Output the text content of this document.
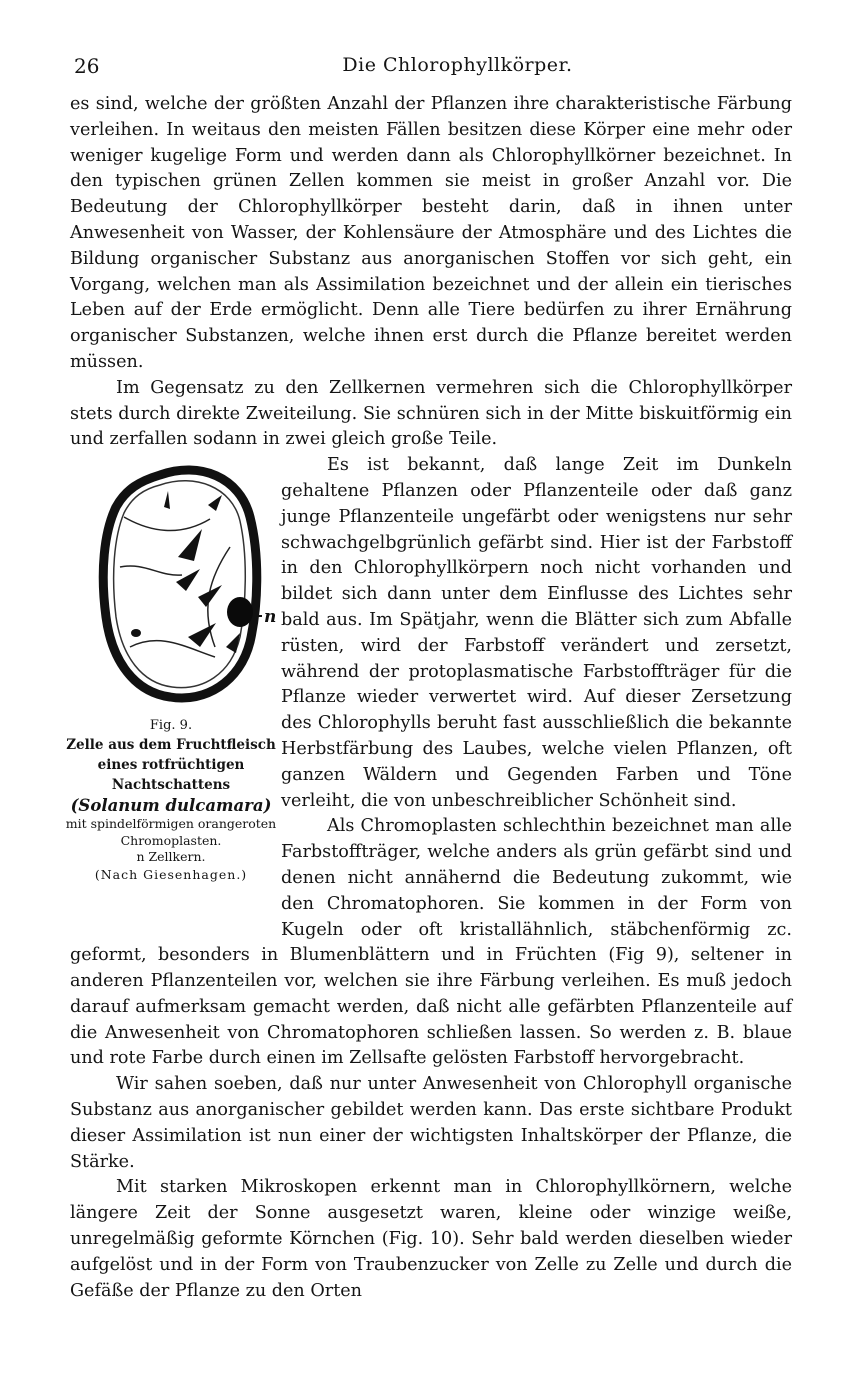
26	Die Chlorophyllkörper.

es sind, welche der größten Anzahl der Pflanzen ihre charakteristische Färbung verleihen. In weitaus den meisten Fällen besitzen diese Körper eine mehr oder weniger kugelige Form und werden dann als Chlorophyllkörner bezeichnet. In den typischen grünen Zellen kommen sie meist in großer Anzahl vor. Die Bedeutung der Chlorophyllkörper besteht darin, daß in ihnen unter Anwesenheit von Wasser, der Kohlensäure der Atmosphäre und des Lichtes die Bildung organischer Substanz aus anorganischen Stoffen vor sich geht, ein Vorgang, welchen man als Assimilation bezeichnet und der allein ein tierisches Leben auf der Erde ermöglicht. Denn alle Tiere bedürfen zu ihrer Ernährung organischer Substanzen, welche ihnen erst durch die Pflanze bereitet werden müssen.

Im Gegensatz zu den Zellkernen vermehren sich die Chlorophyllkörper stets durch direkte Zweiteilung. Sie schnüren sich in der Mitte biskuitförmig ein und zerfallen sodann in zwei gleich große Teile.

n
Fig. 9.
Zelle aus dem Fruchtfleisch eines rotfrüchtigen Nachtschattens
(Solanum dulcamara)
mit spindelförmigen orangeroten Chromoplasten.
n Zellkern.
(Nach Giesenhagen.)

Es ist bekannt, daß lange Zeit im Dunkeln gehaltene Pflanzen oder Pflanzenteile oder daß ganz junge Pflanzenteile ungefärbt oder wenigstens nur sehr schwachgelbgrünlich gefärbt sind. Hier ist der Farbstoff in den Chlorophyllkörpern noch nicht vorhanden und bildet sich dann unter dem Einflusse des Lichtes sehr bald aus. Im Spätjahr, wenn die Blätter sich zum Abfalle rüsten, wird der Farbstoff verändert und zersetzt, während der protoplasmatische Farbstoffträger für die Pflanze wieder verwertet wird. Auf dieser Zersetzung des Chlorophylls beruht fast ausschließlich die bekannte Herbstfärbung des Laubes, welche vielen Pflanzen, oft ganzen Wäldern und Gegenden Farben und Töne verleiht, die von unbeschreiblicher Schönheit sind.

Als Chromoplasten schlechthin bezeichnet man alle Farbstoffträger, welche anders als grün gefärbt sind und denen nicht annähernd die Bedeutung zukommt, wie den Chromatophoren. Sie kommen in der Form von Kugeln oder oft kristallähnlich, stäbchenförmig zc. geformt, besonders in Blumenblättern und in Früchten (Fig 9), seltener in anderen Pflanzenteilen vor, welchen sie ihre Färbung verleihen. Es muß jedoch darauf aufmerksam gemacht werden, daß nicht alle gefärbten Pflanzenteile auf die Anwesenheit von Chromatophoren schließen lassen. So werden z. B. blaue und rote Farbe durch einen im Zellsafte gelösten Farbstoff hervorgebracht.

Wir sahen soeben, daß nur unter Anwesenheit von Chlorophyll organische Substanz aus anorganischer gebildet werden kann. Das erste sichtbare Produkt dieser Assimilation ist nun einer der wichtigsten Inhaltskörper der Pflanze, die Stärke.

Mit starken Mikroskopen erkennt man in Chlorophyllkörnern, welche längere Zeit der Sonne ausgesetzt waren, kleine oder winzige weiße, unregelmäßig geformte Körnchen (Fig. 10). Sehr bald werden dieselben wieder aufgelöst und in der Form von Traubenzucker von Zelle zu Zelle und durch die Gefäße der Pflanze zu den Orten
